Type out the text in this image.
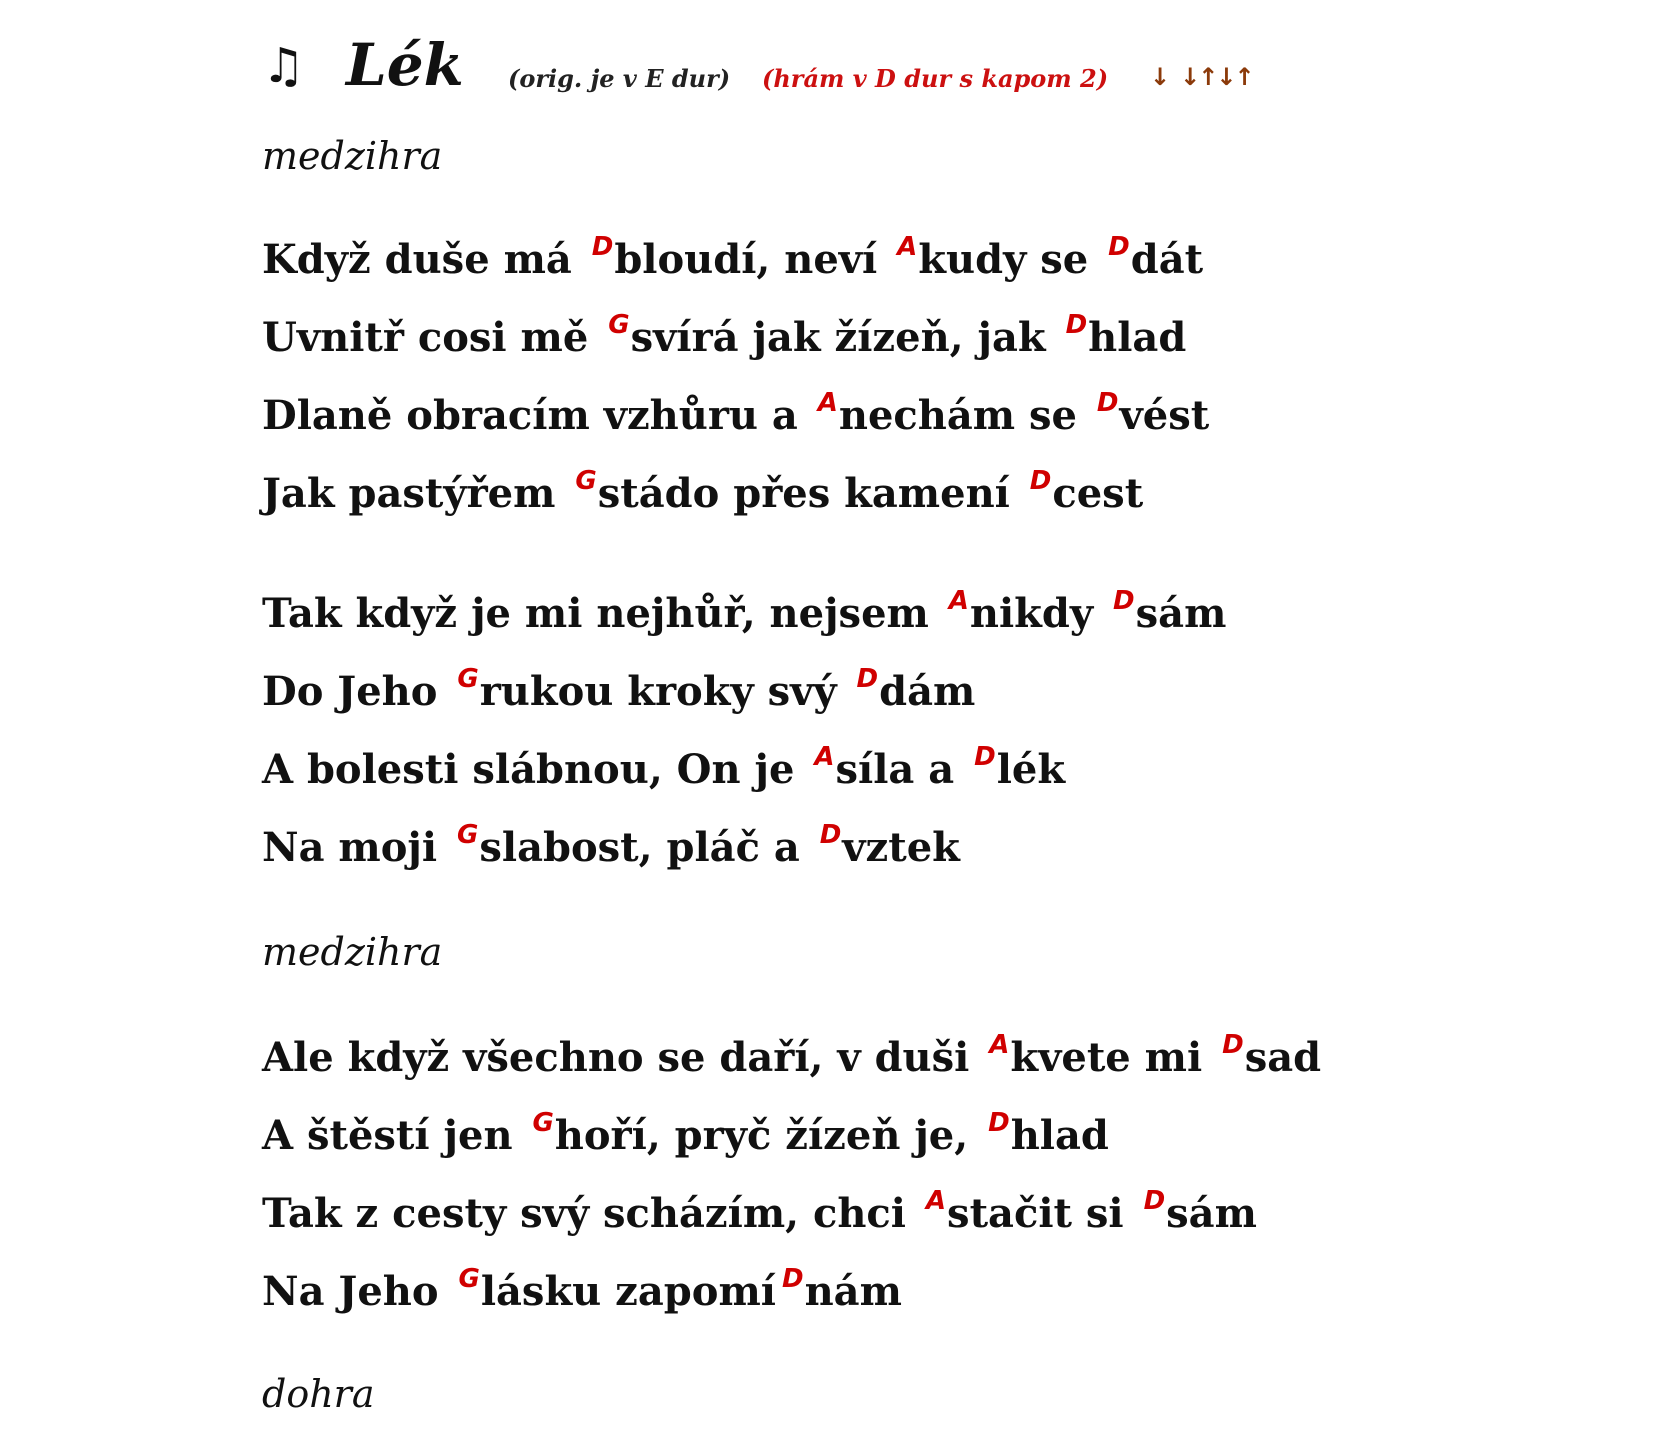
♫ Lék (orig. je v E dur) (hrám v D dur s kapom 2) ↓ ↓↑↓↑
medzihra
Když duše má $^D$bloudí, neví $^A$kudy se $^D$dát
Uvnitř cosi mě $^G$svírá jak žízeň, jak $^D$hlad
Dlaně obracím vzhůru a $^A$nechám se $^D$vést
Jak pastýřem $^G$stádo přes kamení $^D$cest
Tak když je mi nejhůř, nejsem $^A$nikdy $^D$sám
Do Jeho $^G$rukou kroky svý $^D$dám
A bolesti slábnou, On je $^A$síla a $^D$lék
Na moji $^G$slabost, pláč a $^D$vztek
medzihra
Ale když všechno se daří, v duši $^A$kvete mi $^D$sad
A štěstí jen $^G$hoří, pryč žízeň je, $^D$hlad
Tak z cesty svý scházím, chci $^A$stačit si $^D$sám
Na Jeho $^G$lásku zapomí $^D$nám
dohra
